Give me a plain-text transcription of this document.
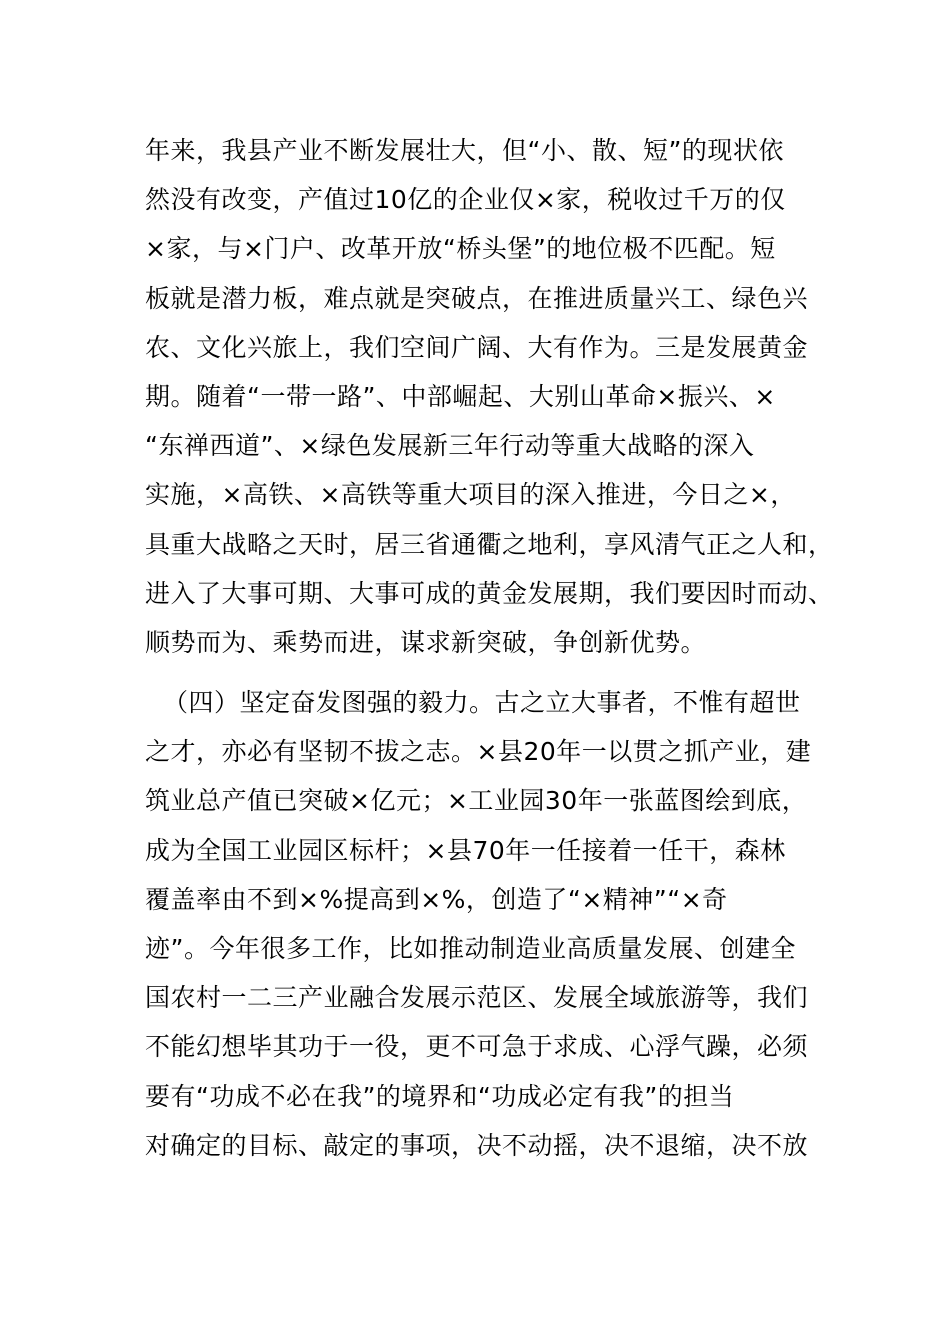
年来，我县产业不断发展壮大，但“小、散、短”的现状依
然没有改变，产值过10亿的企业仅×家，税收过千万的仅
×家，与×门户、改革开放“桥头堡”的地位极不匹配。短
板就是潜力板，难点就是突破点，在推进质量兴工、绿色兴
农、文化兴旅上，我们空间广阔、大有作为。三是发展黄金
期。随着“一带一路”、中部崛起、大别山革命×振兴、×
“东禅西道”、×绿色发展新三年行动等重大战略的深入
实施，×高铁、×高铁等重大项目的深入推进，今日之×，
具重大战略之天时，居三省通衢之地利，享风清气正之人和，
进入了大事可期、大事可成的黄金发展期，我们要因时而动、
顺势而为、乘势而进，谋求新突破，争创新优势。
（四）坚定奋发图强的毅力。古之立大事者，不惟有超世
之才，亦必有坚韧不拔之志。×县20年一以贯之抓产业，建
筑业总产值已突破×亿元；×工业园30年一张蓝图绘到底，
成为全国工业园区标杆；×县70年一任接着一任干，森林
覆盖率由不到×%提高到×%，创造了“×精神”“×奇
迹”。今年很多工作，比如推动制造业高质量发展、创建全
国农村一二三产业融合发展示范区、发展全域旅游等，我们
不能幻想毕其功于一役，更不可急于求成、心浮气躁，必须
要有“功成不必在我”的境界和“功成必定有我”的担当
对确定的目标、敲定的事项，决不动摇，决不退缩，决不放
